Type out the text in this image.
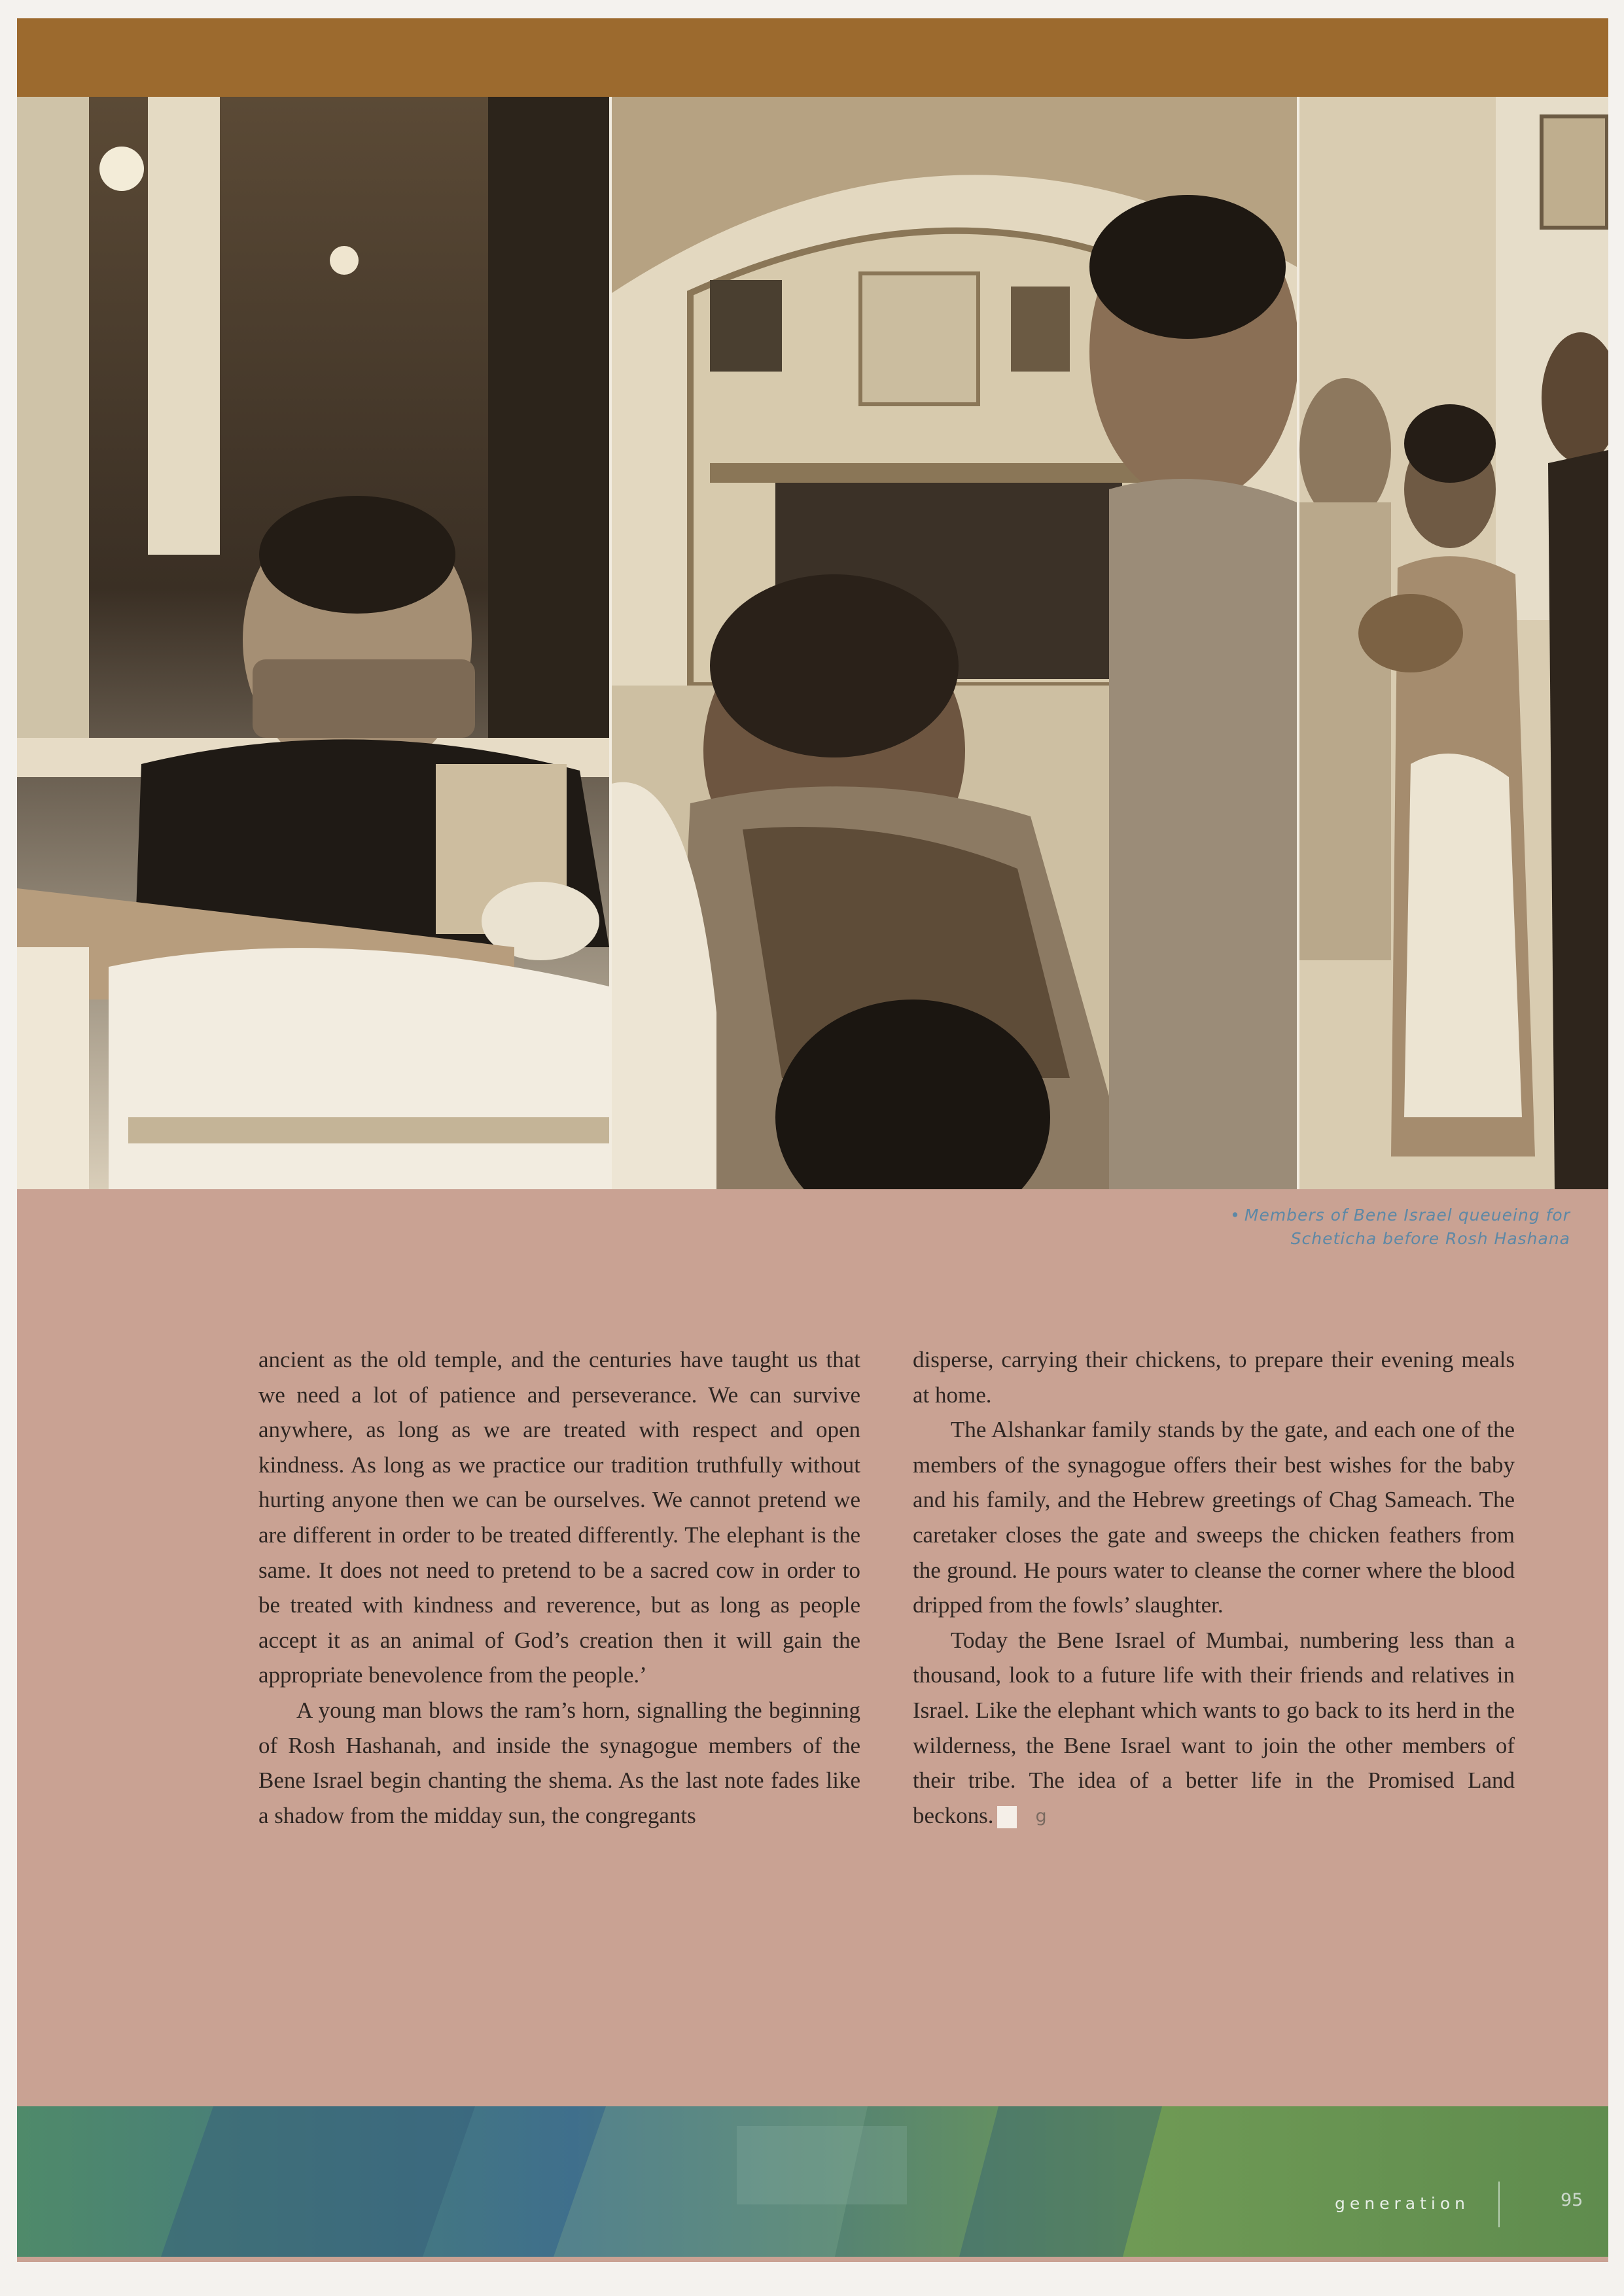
• Members of Bene Israel queueing for Scheticha before Rosh Hashana

ancient as the old temple, and the centuries have taught us that we need a lot of patience and perseverance. We can survive anywhere, as long as we are treated with respect and open kindness. As long as we practice our tradition truthfully without hurting anyone then we can be ourselves. We cannot pretend we are different in order to be treated differently. The elephant is the same. It does not need to pretend to be a sacred cow in order to be treated with kindness and reverence, but as long as people accept it as an animal of God’s creation then it will gain the appropriate benevolence from the people.’

A young man blows the ram’s horn, signalling the beginning of Rosh Hashanah, and inside the synagogue members of the Bene Israel begin chanting the shema. As the last note fades like a shadow from the midday sun, the congregants

disperse, carrying their chickens, to prepare their evening meals at home.

The Alshankar family stands by the gate, and each one of the members of the synagogue offers their best wishes for the baby and his family, and the Hebrew greetings of Chag Sameach. The caretaker closes the gate and sweeps the chicken feathers from the ground. He pours water to cleanse the corner where the blood dripped from the fowls’ slaughter.

Today the Bene Israel of Mumbai, numbering less than a thousand, look to a future life with their friends and relatives in Israel. Like the elephant which wants to go back to its herd in the wilderness, the Bene Israel want to join the other members of their tribe. The idea of a better life in the Promised Land beckons. g

generation	95
